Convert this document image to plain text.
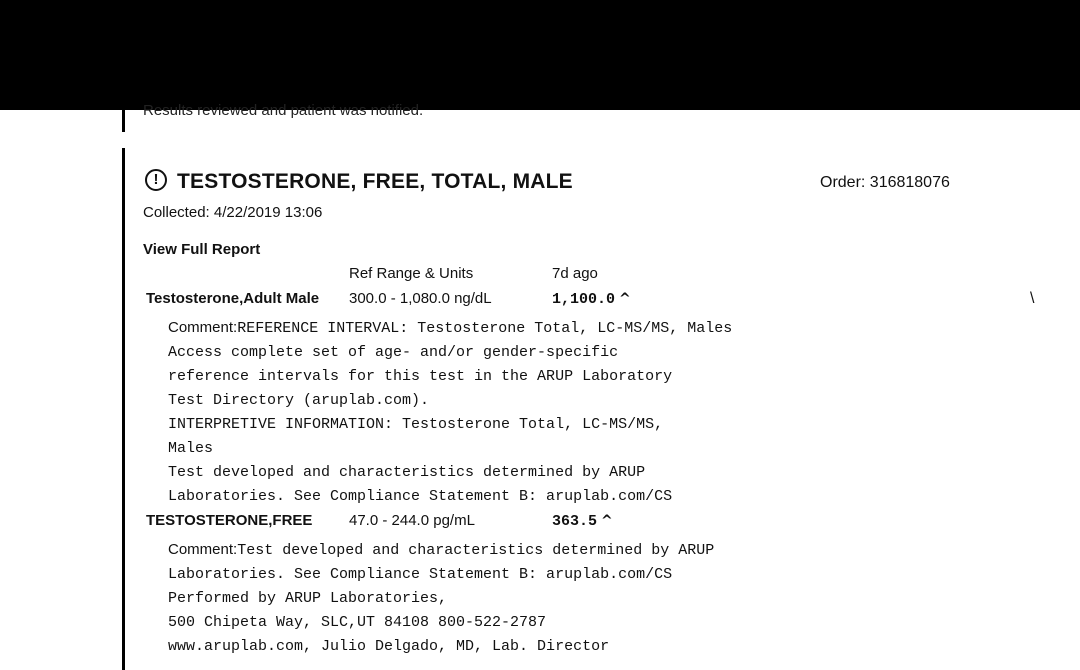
Results reviewed and patient was notified.
! TESTOSTERONE, FREE, TOTAL, MALE	Order: 316818076
Collected: 4/22/2019 13:06
View Full Report
Ref Range & Units	7d ago
Testosterone,Adult Male 300.0 - 1,080.0 ng/dL	1,100.0 ^
Comment:REFERENCE INTERVAL: Testosterone Total, LC-MS/MS, Males
Access complete set of age- and/or gender-specific
reference intervals for this test in the ARUP Laboratory
Test Directory (aruplab.com).
INTERPRETIVE INFORMATION: Testosterone Total, LC-MS/MS,
Males
Test developed and characteristics determined by ARUP
Laboratories. See Compliance Statement B: aruplab.com/CS
TESTOSTERONE,FREE 47.0 - 244.0 pg/mL	363.5 ^
Comment:Test developed and characteristics determined by ARUP
Laboratories. See Compliance Statement B: aruplab.com/CS
Performed by ARUP Laboratories,
500 Chipeta Way, SLC,UT 84108 800-522-2787
www.aruplab.com, Julio Delgado, MD, Lab. Director
\
